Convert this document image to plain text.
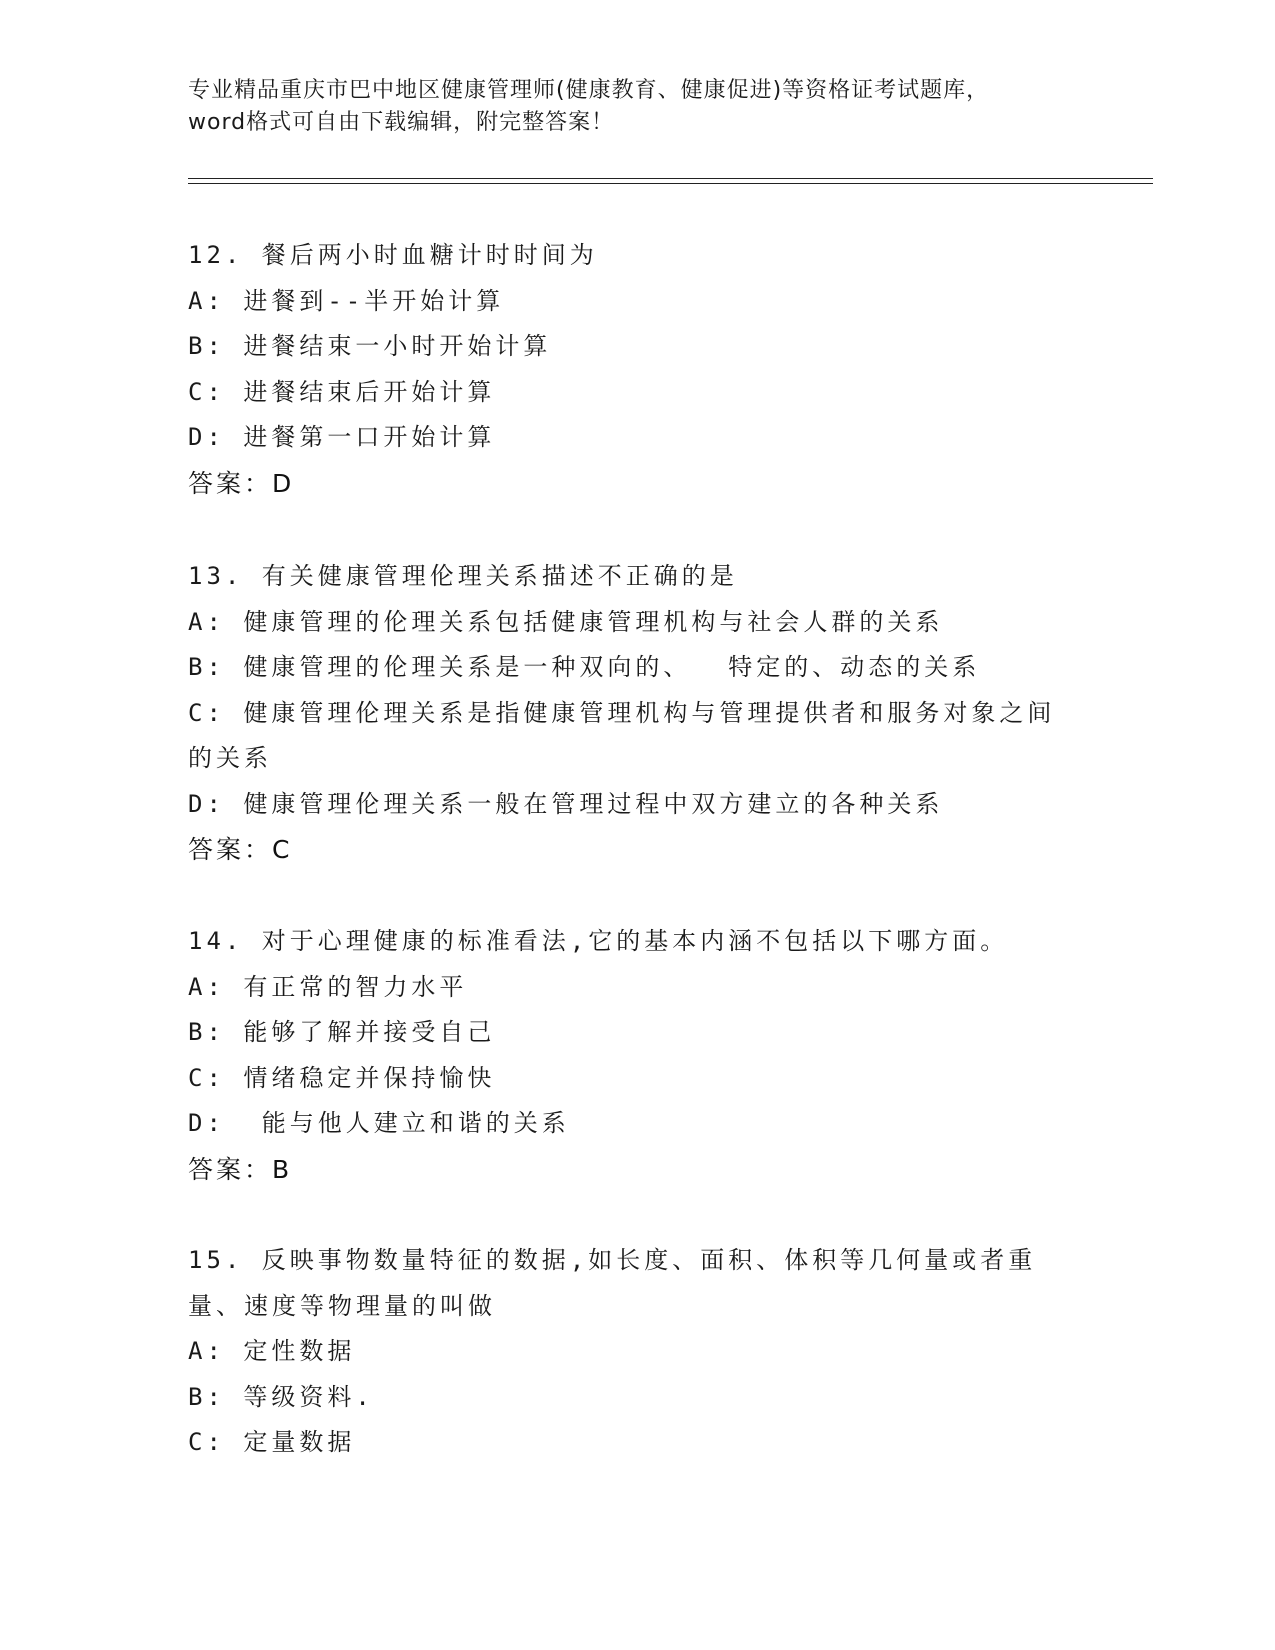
专业精品重庆市巴中地区健康管理师(健康教育、健康促进)等资格证考试题库，
word格式可自由下载编辑，附完整答案！
12. 餐后两小时血糖计时时间为
A: 进餐到--半开始计算
B: 进餐结束一小时开始计算
C: 进餐结束后开始计算
D: 进餐第一口开始计算
答案：D
13. 有关健康管理伦理关系描述不正确的是
A: 健康管理的伦理关系包括健康管理机构与社会人群的关系
B: 健康管理的伦理关系是一种双向的、  特定的、动态的关系
C: 健康管理伦理关系是指健康管理机构与管理提供者和服务对象之间的关系
D: 健康管理伦理关系一般在管理过程中双方建立的各种关系
答案：C
14. 对于心理健康的标准看法,它的基本内涵不包括以下哪方面。
A: 有正常的智力水平
B: 能够了解并接受自己
C: 情绪稳定并保持愉快
D:  能与他人建立和谐的关系
答案：B
15. 反映事物数量特征的数据,如长度、面积、体积等几何量或者重量、速度等物理量的叫做
A: 定性数据
B: 等级资料.
C: 定量数据
